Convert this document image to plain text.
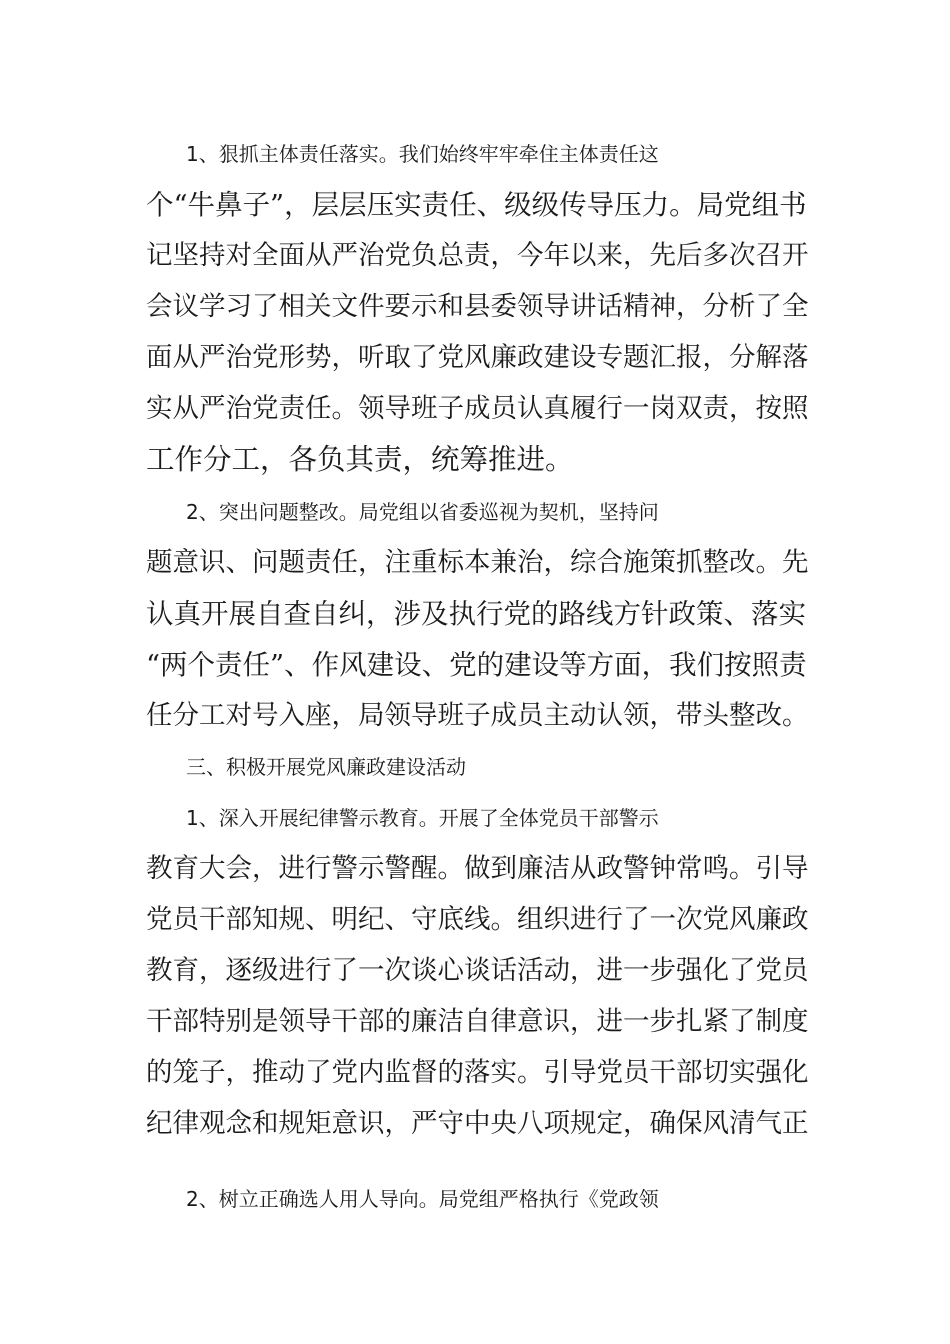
1、狠抓主体责任落实。我们始终牢牢牵住主体责任这
个“牛鼻子”，层层压实责任、级级传导压力。局党组书
记坚持对全面从严治党负总责，今年以来，先后多次召开
会议学习了相关文件要示和县委领导讲话精神，分析了全
面从严治党形势，听取了党风廉政建设专题汇报，分解落
实从严治党责任。领导班子成员认真履行一岗双责，按照
工作分工，各负其责，统筹推进。
2、突出问题整改。局党组以省委巡视为契机，坚持问
题意识、问题责任，注重标本兼治，综合施策抓整改。先
认真开展自查自纠，涉及执行党的路线方针政策、落实
“两个责任”、作风建设、党的建设等方面，我们按照责
任分工对号入座，局领导班子成员主动认领，带头整改。
三、积极开展党风廉政建设活动
1、深入开展纪律警示教育。开展了全体党员干部警示
教育大会，进行警示警醒。做到廉洁从政警钟常鸣。引导
党员干部知规、明纪、守底线。组织进行了一次党风廉政
教育，逐级进行了一次谈心谈话活动，进一步强化了党员
干部特别是领导干部的廉洁自律意识，进一步扎紧了制度
的笼子，推动了党内监督的落实。引导党员干部切实强化
纪律观念和规矩意识，严守中央八项规定，确保风清气正
2、树立正确选人用人导向。局党组严格执行《党政领
